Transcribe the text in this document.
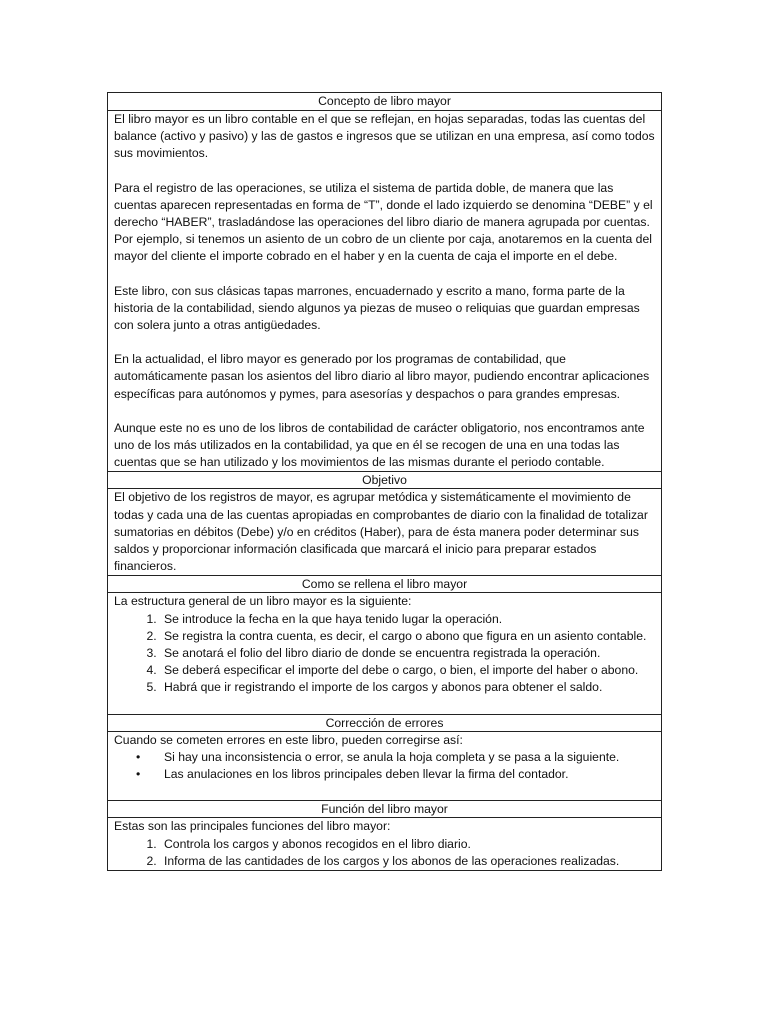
Concepto de libro mayor

El libro mayor es un libro contable en el que se reflejan, en hojas separadas, todas las cuentas del balance (activo y pasivo) y las de gastos e ingresos que se utilizan en una empresa, así como todos sus movimientos.

Para el registro de las operaciones, se utiliza el sistema de partida doble, de manera que las cuentas aparecen representadas en forma de “T”, donde el lado izquierdo se denomina “DEBE” y el derecho “HABER”, trasladándose las operaciones del libro diario de manera agrupada por cuentas. Por ejemplo, si tenemos un asiento de un cobro de un cliente por caja, anotaremos en la cuenta del mayor del cliente el importe cobrado en el haber y en la cuenta de caja el importe en el debe.

Este libro, con sus clásicas tapas marrones, encuadernado y escrito a mano, forma parte de la historia de la contabilidad, siendo algunos ya piezas de museo o reliquias que guardan empresas con solera junto a otras antigüedades.

En la actualidad, el libro mayor es generado por los programas de contabilidad, que automáticamente pasan los asientos del libro diario al libro mayor, pudiendo encontrar aplicaciones específicas para autónomos y pymes, para asesorías y despachos o para grandes empresas.

Aunque este no es uno de los libros de contabilidad de carácter obligatorio, nos encontramos ante uno de los más utilizados en la contabilidad, ya que en él se recogen de una en una todas las cuentas que se han utilizado y los movimientos de las mismas durante el periodo contable.

Objetivo

El objetivo de los registros de mayor, es agrupar metódica y sistemáticamente el movimiento de todas y cada una de las cuentas apropiadas en comprobantes de diario con la finalidad de totalizar sumatorias en débitos (Debe) y/o en créditos (Haber), para de ésta manera poder determinar sus saldos y proporcionar información clasificada que marcará el inicio para preparar estados financieros.

Como se rellena el libro mayor

La estructura general de un libro mayor es la siguiente:

1. Se introduce la fecha en la que haya tenido lugar la operación.
2. Se registra la contra cuenta, es decir, el cargo o abono que figura en un asiento contable.
3. Se anotará el folio del libro diario de donde se encuentra registrada la operación.
4. Se deberá especificar el importe del debe o cargo, o bien, el importe del haber o abono.
5. Habrá que ir registrando el importe de los cargos y abonos para obtener el saldo.
Corrección de errores

Cuando se cometen errores en este libro, pueden corregirse así:

• Si hay una inconsistencia o error, se anula la hoja completa y se pasa a la siguiente.
• Las anulaciones en los libros principales deben llevar la firma del contador.
Función del libro mayor

Estas son las principales funciones del libro mayor:

1. Controla los cargos y abonos recogidos en el libro diario.
2. Informa de las cantidades de los cargos y los abonos de las operaciones realizadas.
